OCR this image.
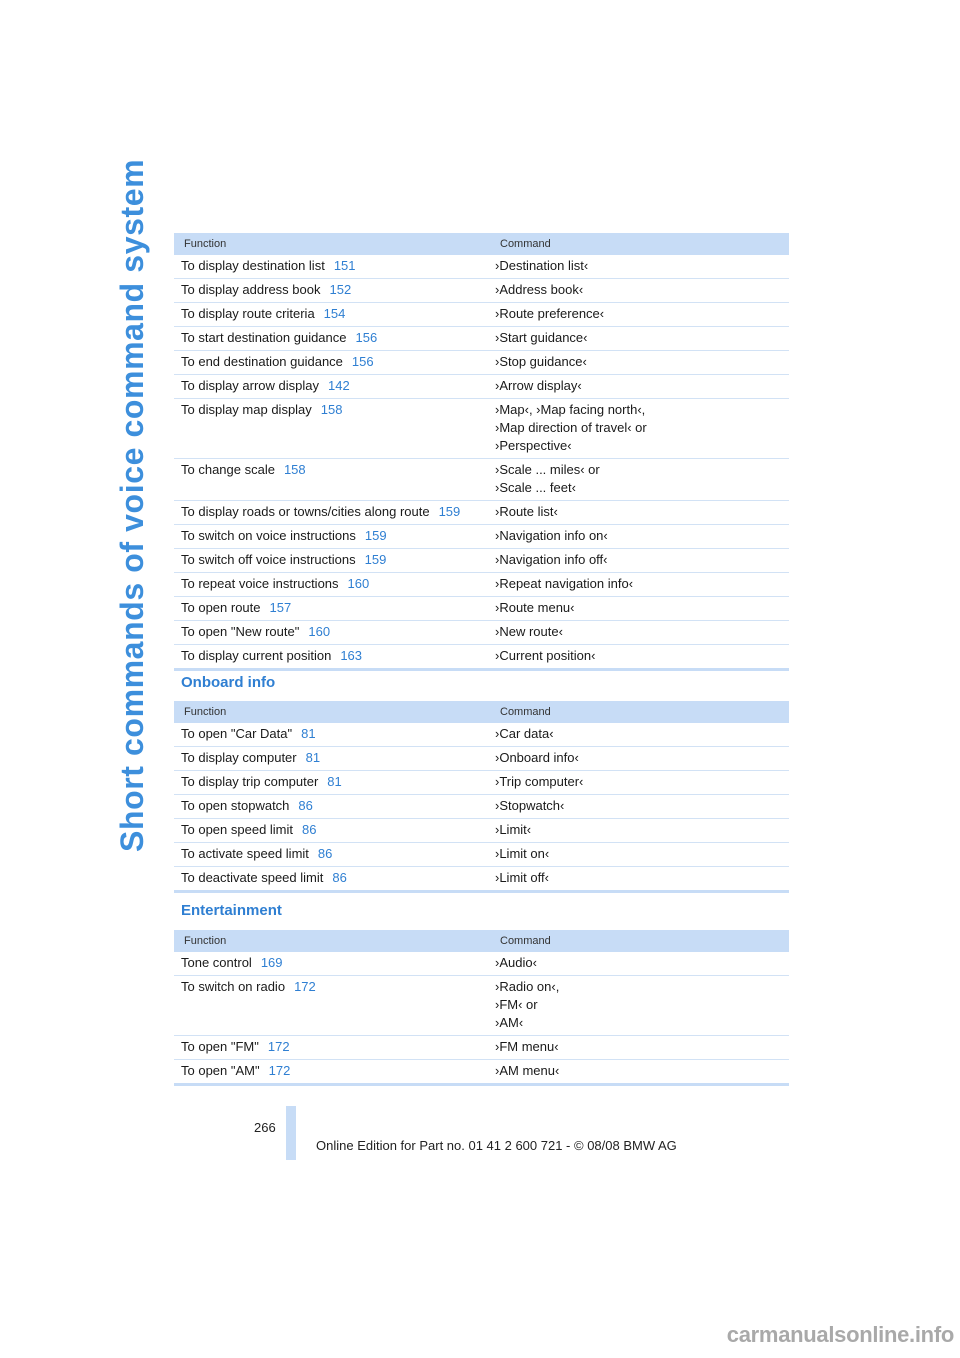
Short commands of voice command system	Function	Command
To display destination list 151	›Destination list‹
To display address book 152	›Address book‹
To display route criteria 154	›Route preference‹
To start destination guidance 156	›Start guidance‹
To end destination guidance 156	›Stop guidance‹
To display arrow display 142	›Arrow display‹
To display map display 158	›Map‹, ›Map facing north‹,
›Map direction of travel‹ or
›Perspective‹
To change scale 158	›Scale ... miles‹ or
›Scale ... feet‹
To display roads or towns/cities along route 159	›Route list‹
To switch on voice instructions 159	›Navigation info on‹
To switch off voice instructions 159	›Navigation info off‹
To repeat voice instructions 160	›Repeat navigation info‹
To open route 157	›Route menu‹
To open "New route" 160	›New route‹
To display current position 163	›Current position‹
Onboard info
Function	Command
To open "Car Data" 81	›Car data‹
To display computer 81	›Onboard info‹
To display trip computer 81	›Trip computer‹
To open stopwatch 86	›Stopwatch‹
To open speed limit 86	›Limit‹
To activate speed limit 86	›Limit on‹
To deactivate speed limit 86	›Limit off‹
Entertainment
Function	Command
Tone control 169	›Audio‹
To switch on radio 172	›Radio on‹,
›FM‹ or
›AM‹
To open "FM" 172	›FM menu‹
To open "AM" 172	›AM menu‹
266
Online Edition for Part no. 01 41 2 600 721 - © 08/08 BMW AG
carmanualsonline.info
